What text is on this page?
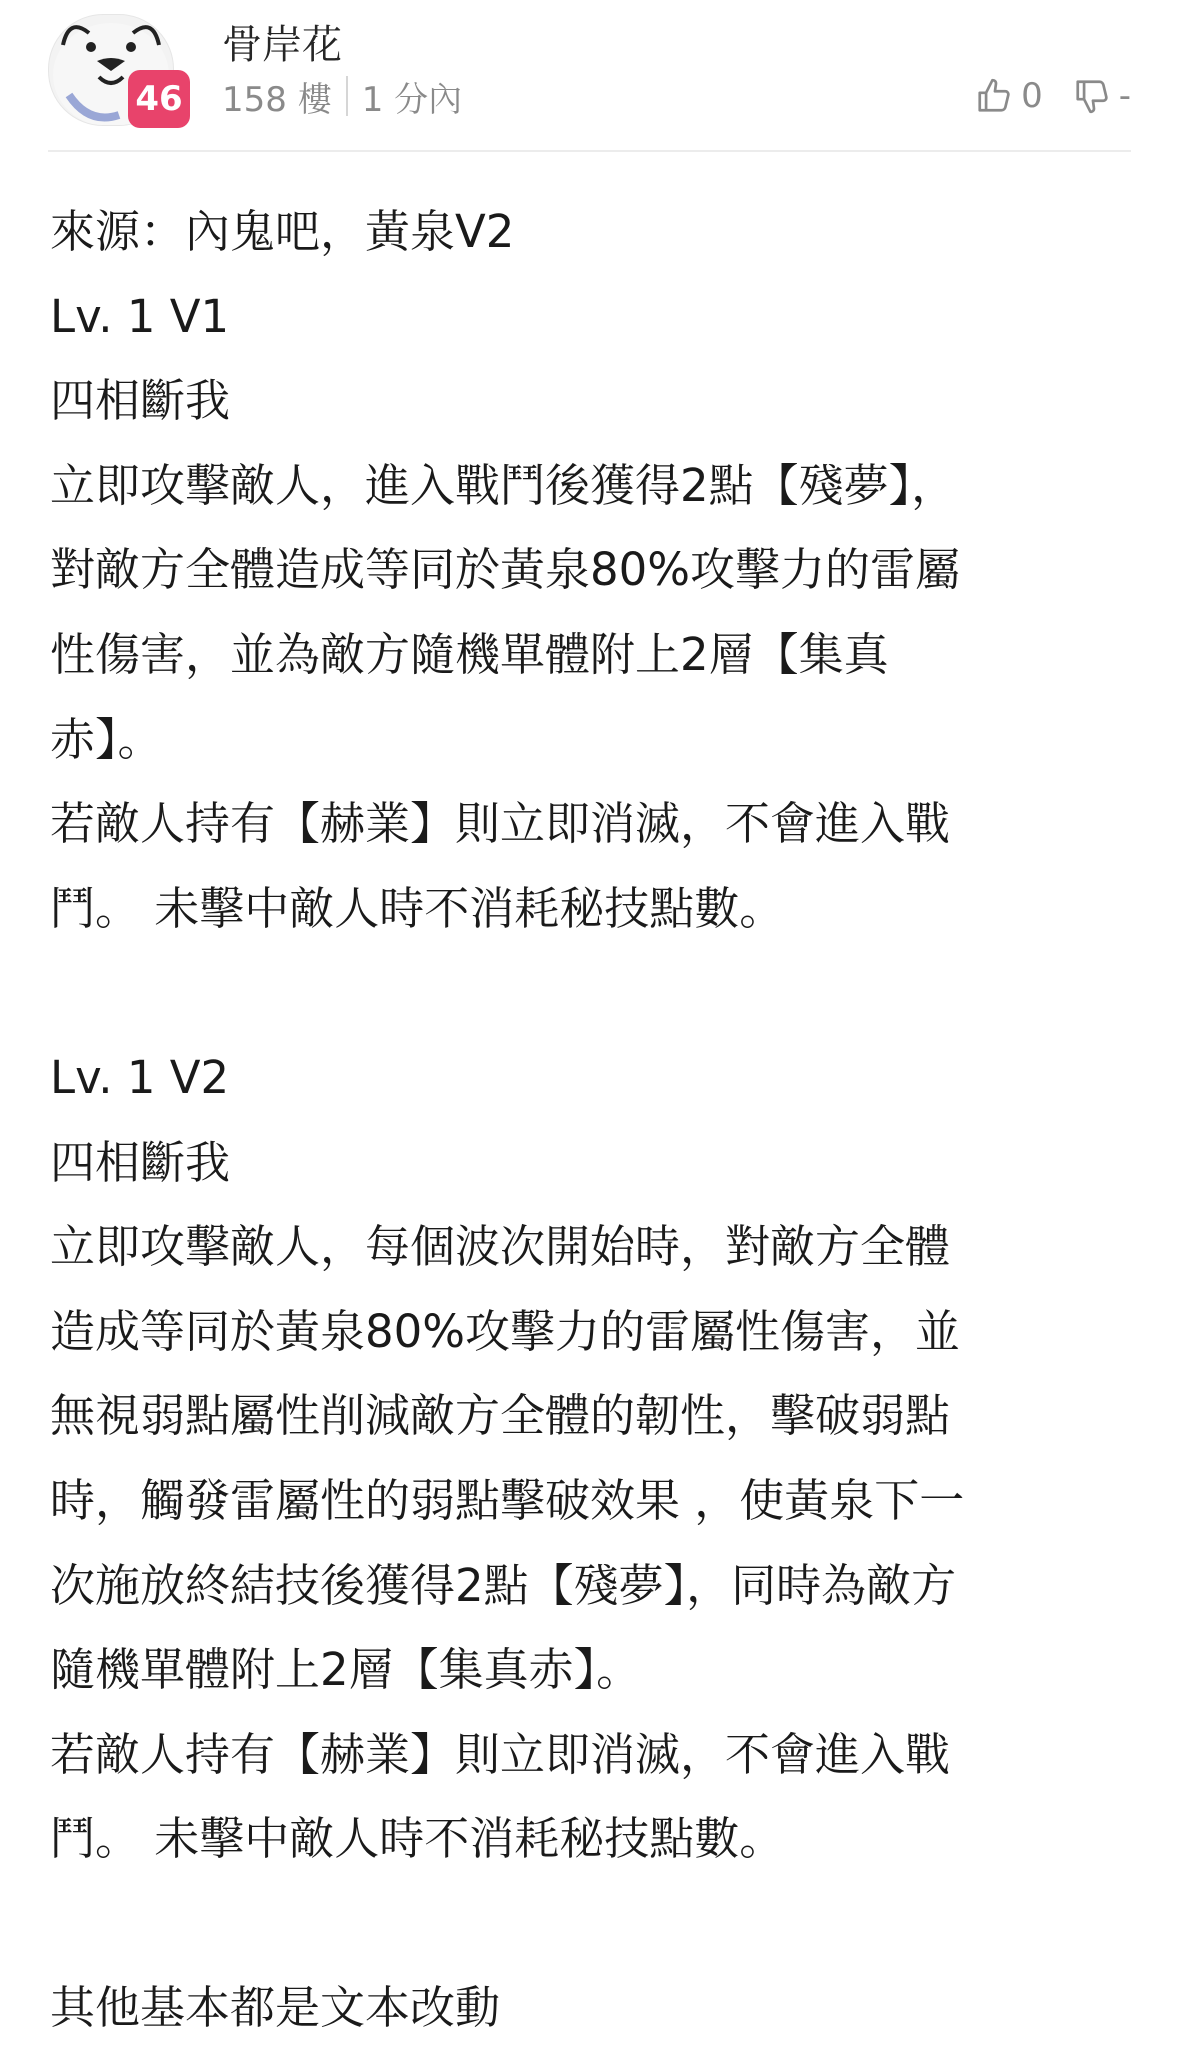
46
骨岸花
158 樓 1 分內	0 -
來源：內鬼吧，黃泉V2
Lv. 1 V1
四相斷我
立即攻擊敵人，進入戰鬥後獲得2點【殘夢】，
對敵方全體造成等同於黃泉80%攻擊力的雷屬
性傷害，並為敵方隨機單體附上2層【集真
赤】。
若敵人持有【赫業】則立即消滅，不會進入戰
鬥。 未擊中敵人時不消耗秘技點數。
Lv. 1 V2
四相斷我
立即攻擊敵人，每個波次開始時，對敵方全體
造成等同於黃泉80%攻擊力的雷屬性傷害，並
無視弱點屬性削減敵方全體的韌性，擊破弱點
時，觸發雷屬性的弱點擊破效果 ，使黃泉下一
次施放終結技後獲得2點【殘夢】，同時為敵方
隨機單體附上2層【集真赤】。
若敵人持有【赫業】則立即消滅，不會進入戰
鬥。 未擊中敵人時不消耗秘技點數。
其他基本都是文本改動
